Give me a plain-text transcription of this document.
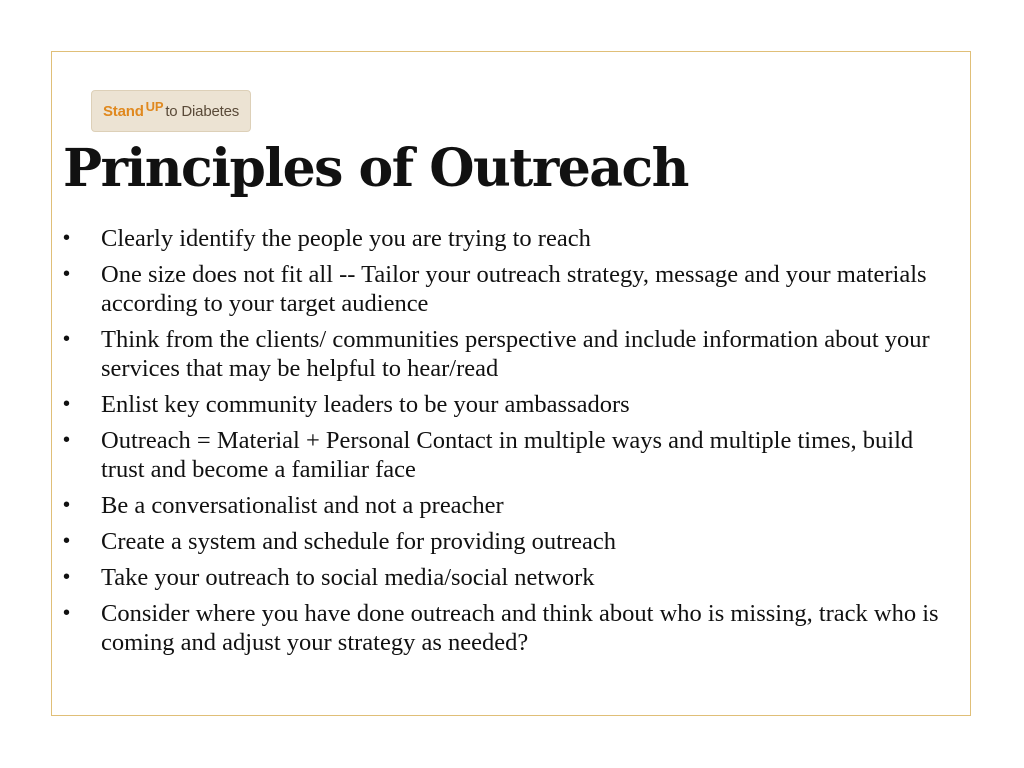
Stand UP to Diabetes
Principles of Outreach
• Clearly identify the people you are trying to reach
• One size does not fit all -- Tailor your outreach strategy, message and your materials according to your target audience
• Think from the clients/ communities perspective and include information about your services that may be helpful to hear/read
• Enlist key community leaders to be your ambassadors
• Outreach = Material + Personal Contact in multiple ways and multiple times, build trust and become a familiar face
• Be a conversationalist and not a preacher
• Create a system and schedule for providing outreach
• Take your outreach to social media/social network
• Consider where you have done outreach and think about who is missing, track who is coming and adjust your strategy as needed?
